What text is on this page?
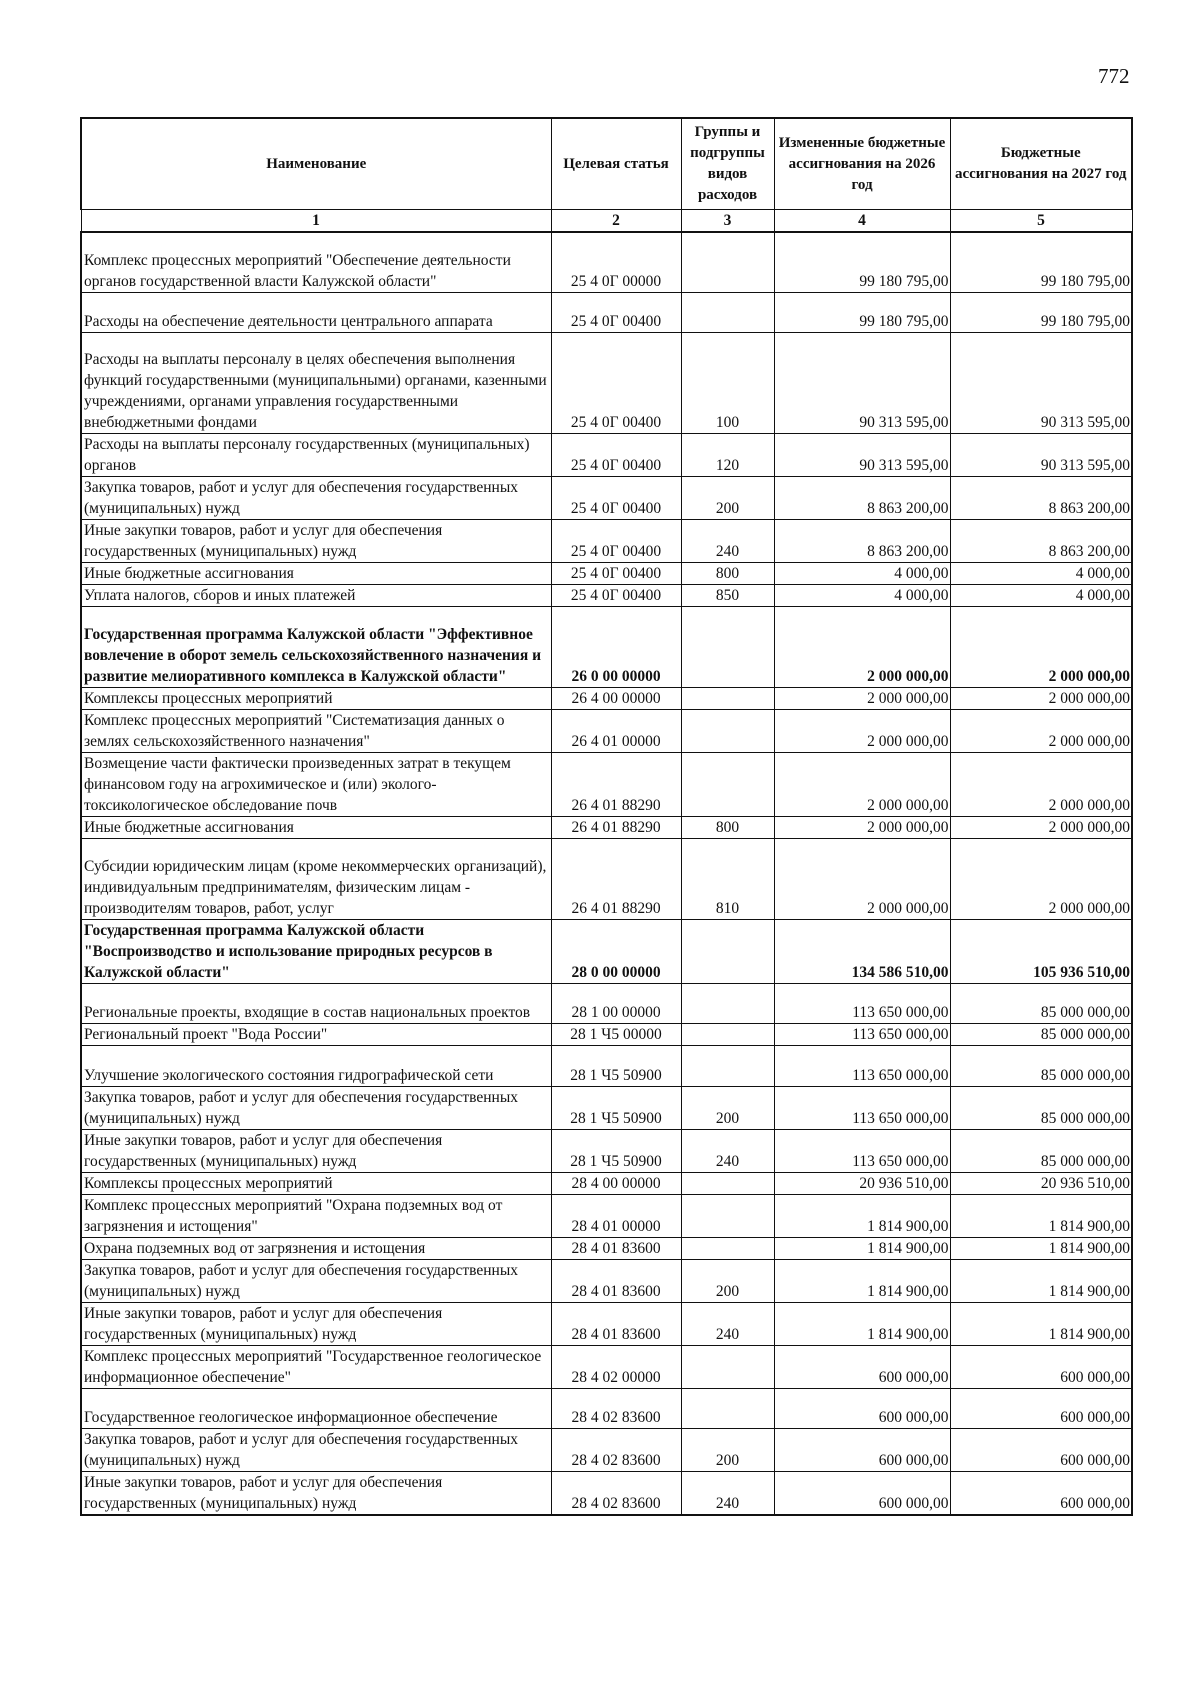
772
Наименование	Целевая статья	Группы и подгруппы видов расходов	Измененные бюджетные ассигнования на 2026 год	Бюджетные ассигнования на 2027 год
1	2	3	4	5
Комплекс процессных мероприятий "Обеспечение деятельности органов государственной власти Калужской области"	25 4 0Г 00000		99 180 795,00	99 180 795,00
Расходы на обеспечение деятельности центрального аппарата	25 4 0Г 00400		99 180 795,00	99 180 795,00
Расходы на выплаты персоналу в целях обеспечения выполнения функций государственными (муниципальными) органами, казенными учреждениями, органами управления государственными внебюджетными фондами	25 4 0Г 00400	100	90 313 595,00	90 313 595,00
Расходы на выплаты персоналу государственных (муниципальных) органов	25 4 0Г 00400	120	90 313 595,00	90 313 595,00
Закупка товаров, работ и услуг для обеспечения государственных (муниципальных) нужд	25 4 0Г 00400	200	8 863 200,00	8 863 200,00
Иные закупки товаров, работ и услуг для обеспечения государственных (муниципальных) нужд	25 4 0Г 00400	240	8 863 200,00	8 863 200,00
Иные бюджетные ассигнования	25 4 0Г 00400	800	4 000,00	4 000,00
Уплата налогов, сборов и иных платежей	25 4 0Г 00400	850	4 000,00	4 000,00
Государственная программа Калужской области "Эффективное вовлечение в оборот земель сельскохозяйственного назначения и развитие мелиоративного комплекса в Калужской области"	26 0 00 00000		2 000 000,00	2 000 000,00
Комплексы процессных мероприятий	26 4 00 00000		2 000 000,00	2 000 000,00
Комплекс процессных мероприятий "Систематизация данных о землях сельскохозяйственного назначения"	26 4 01 00000		2 000 000,00	2 000 000,00
Возмещение части фактически произведенных затрат в текущем финансовом году на агрохимическое и (или) эколого-токсикологическое обследование почв	26 4 01 88290		2 000 000,00	2 000 000,00
Иные бюджетные ассигнования	26 4 01 88290	800	2 000 000,00	2 000 000,00
Субсидии юридическим лицам (кроме некоммерческих организаций), индивидуальным предпринимателям, физическим лицам - производителям товаров, работ, услуг	26 4 01 88290	810	2 000 000,00	2 000 000,00
Государственная программа Калужской области "Воспроизводство и использование природных ресурсов в Калужской области"	28 0 00 00000		134 586 510,00	105 936 510,00
Региональные проекты, входящие в состав национальных проектов	28 1 00 00000		113 650 000,00	85 000 000,00
Региональный проект "Вода России"	28 1 Ч5 00000		113 650 000,00	85 000 000,00
Улучшение экологического состояния гидрографической сети	28 1 Ч5 50900		113 650 000,00	85 000 000,00
Закупка товаров, работ и услуг для обеспечения государственных (муниципальных) нужд	28 1 Ч5 50900	200	113 650 000,00	85 000 000,00
Иные закупки товаров, работ и услуг для обеспечения государственных (муниципальных) нужд	28 1 Ч5 50900	240	113 650 000,00	85 000 000,00
Комплексы процессных мероприятий	28 4 00 00000		20 936 510,00	20 936 510,00
Комплекс процессных мероприятий "Охрана подземных вод от загрязнения и истощения"	28 4 01 00000		1 814 900,00	1 814 900,00
Охрана подземных вод от загрязнения и истощения	28 4 01 83600		1 814 900,00	1 814 900,00
Закупка товаров, работ и услуг для обеспечения государственных (муниципальных) нужд	28 4 01 83600	200	1 814 900,00	1 814 900,00
Иные закупки товаров, работ и услуг для обеспечения государственных (муниципальных) нужд	28 4 01 83600	240	1 814 900,00	1 814 900,00
Комплекс процессных мероприятий "Государственное геологическое информационное обеспечение"	28 4 02 00000		600 000,00	600 000,00
Государственное геологическое информационное обеспечение	28 4 02 83600		600 000,00	600 000,00
Закупка товаров, работ и услуг для обеспечения государственных (муниципальных) нужд	28 4 02 83600	200	600 000,00	600 000,00
Иные закупки товаров, работ и услуг для обеспечения государственных (муниципальных) нужд	28 4 02 83600	240	600 000,00	600 000,00
